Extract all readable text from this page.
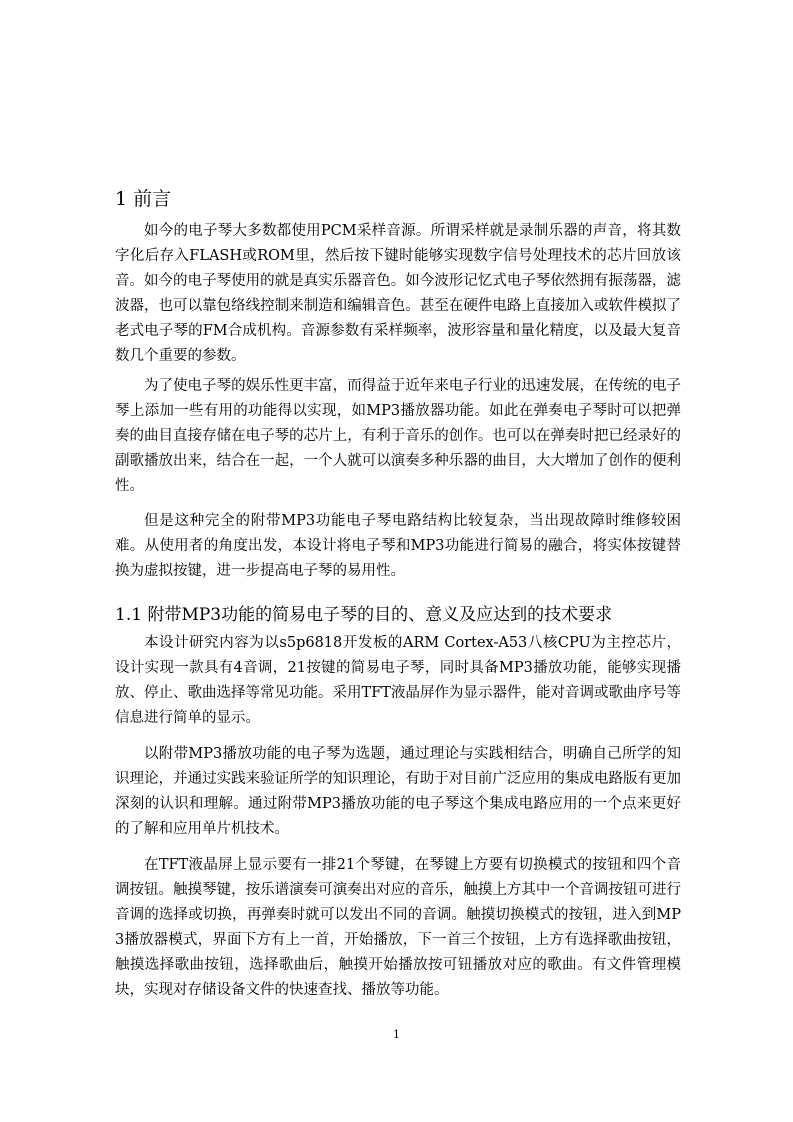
1 前言

如今的电子琴大多数都使用PCM采样音源。所谓采样就是录制乐器的声音，将其数字化后存入FLASH或ROM里，然后按下键时能够实现数字信号处理技术的芯片回放该音。如今的电子琴使用的就是真实乐器音色。如今波形记忆式电子琴依然拥有振荡器，滤波器，也可以靠包络线控制来制造和编辑音色。甚至在硬件电路上直接加入或软件模拟了老式电子琴的FM合成机构。音源参数有采样频率，波形容量和量化精度，以及最大复音数几个重要的参数。

为了使电子琴的娱乐性更丰富，而得益于近年来电子行业的迅速发展，在传统的电子琴上添加一些有用的功能得以实现，如MP3播放器功能。如此在弹奏电子琴时可以把弹奏的曲目直接存储在电子琴的芯片上，有利于音乐的创作。也可以在弹奏时把已经录好的副歌播放出来，结合在一起，一个人就可以演奏多种乐器的曲目，大大增加了创作的便利性。

但是这种完全的附带MP3功能电子琴电路结构比较复杂，当出现故障时维修较困难。从使用者的角度出发，本设计将电子琴和MP3功能进行简易的融合，将实体按键替换为虚拟按键，进一步提高电子琴的易用性。

1.1 附带MP3功能的简易电子琴的目的、意义及应达到的技术要求

本设计研究内容为以s5p6818开发板的ARM Cortex-A53八核CPU为主控芯片，设计实现一款具有4音调，21按键的简易电子琴，同时具备MP3播放功能，能够实现播放、停止、歌曲选择等常见功能。采用TFT液晶屏作为显示器件，能对音调或歌曲序号等信息进行简单的显示。

以附带MP3播放功能的电子琴为选题，通过理论与实践相结合，明确自己所学的知识理论，并通过实践来验证所学的知识理论，有助于对目前广泛应用的集成电路版有更加深刻的认识和理解。通过附带MP3播放功能的电子琴这个集成电路应用的一个点来更好的了解和应用单片机技术。

在TFT液晶屏上显示要有一排21个琴键，在琴键上方要有切换模式的按钮和四个音调按钮。触摸琴键，按乐谱演奏可演奏出对应的音乐，触摸上方其中一个音调按钮可进行音调的选择或切换，再弹奏时就可以发出不同的音调。触摸切换模式的按钮，进入到MP3播放器模式，界面下方有上一首，开始播放，下一首三个按钮，上方有选择歌曲按钮，触摸选择歌曲按钮，选择歌曲后，触摸开始播放按可钮播放对应的歌曲。有文件管理模块，实现对存储设备文件的快速查找、播放等功能。

1
